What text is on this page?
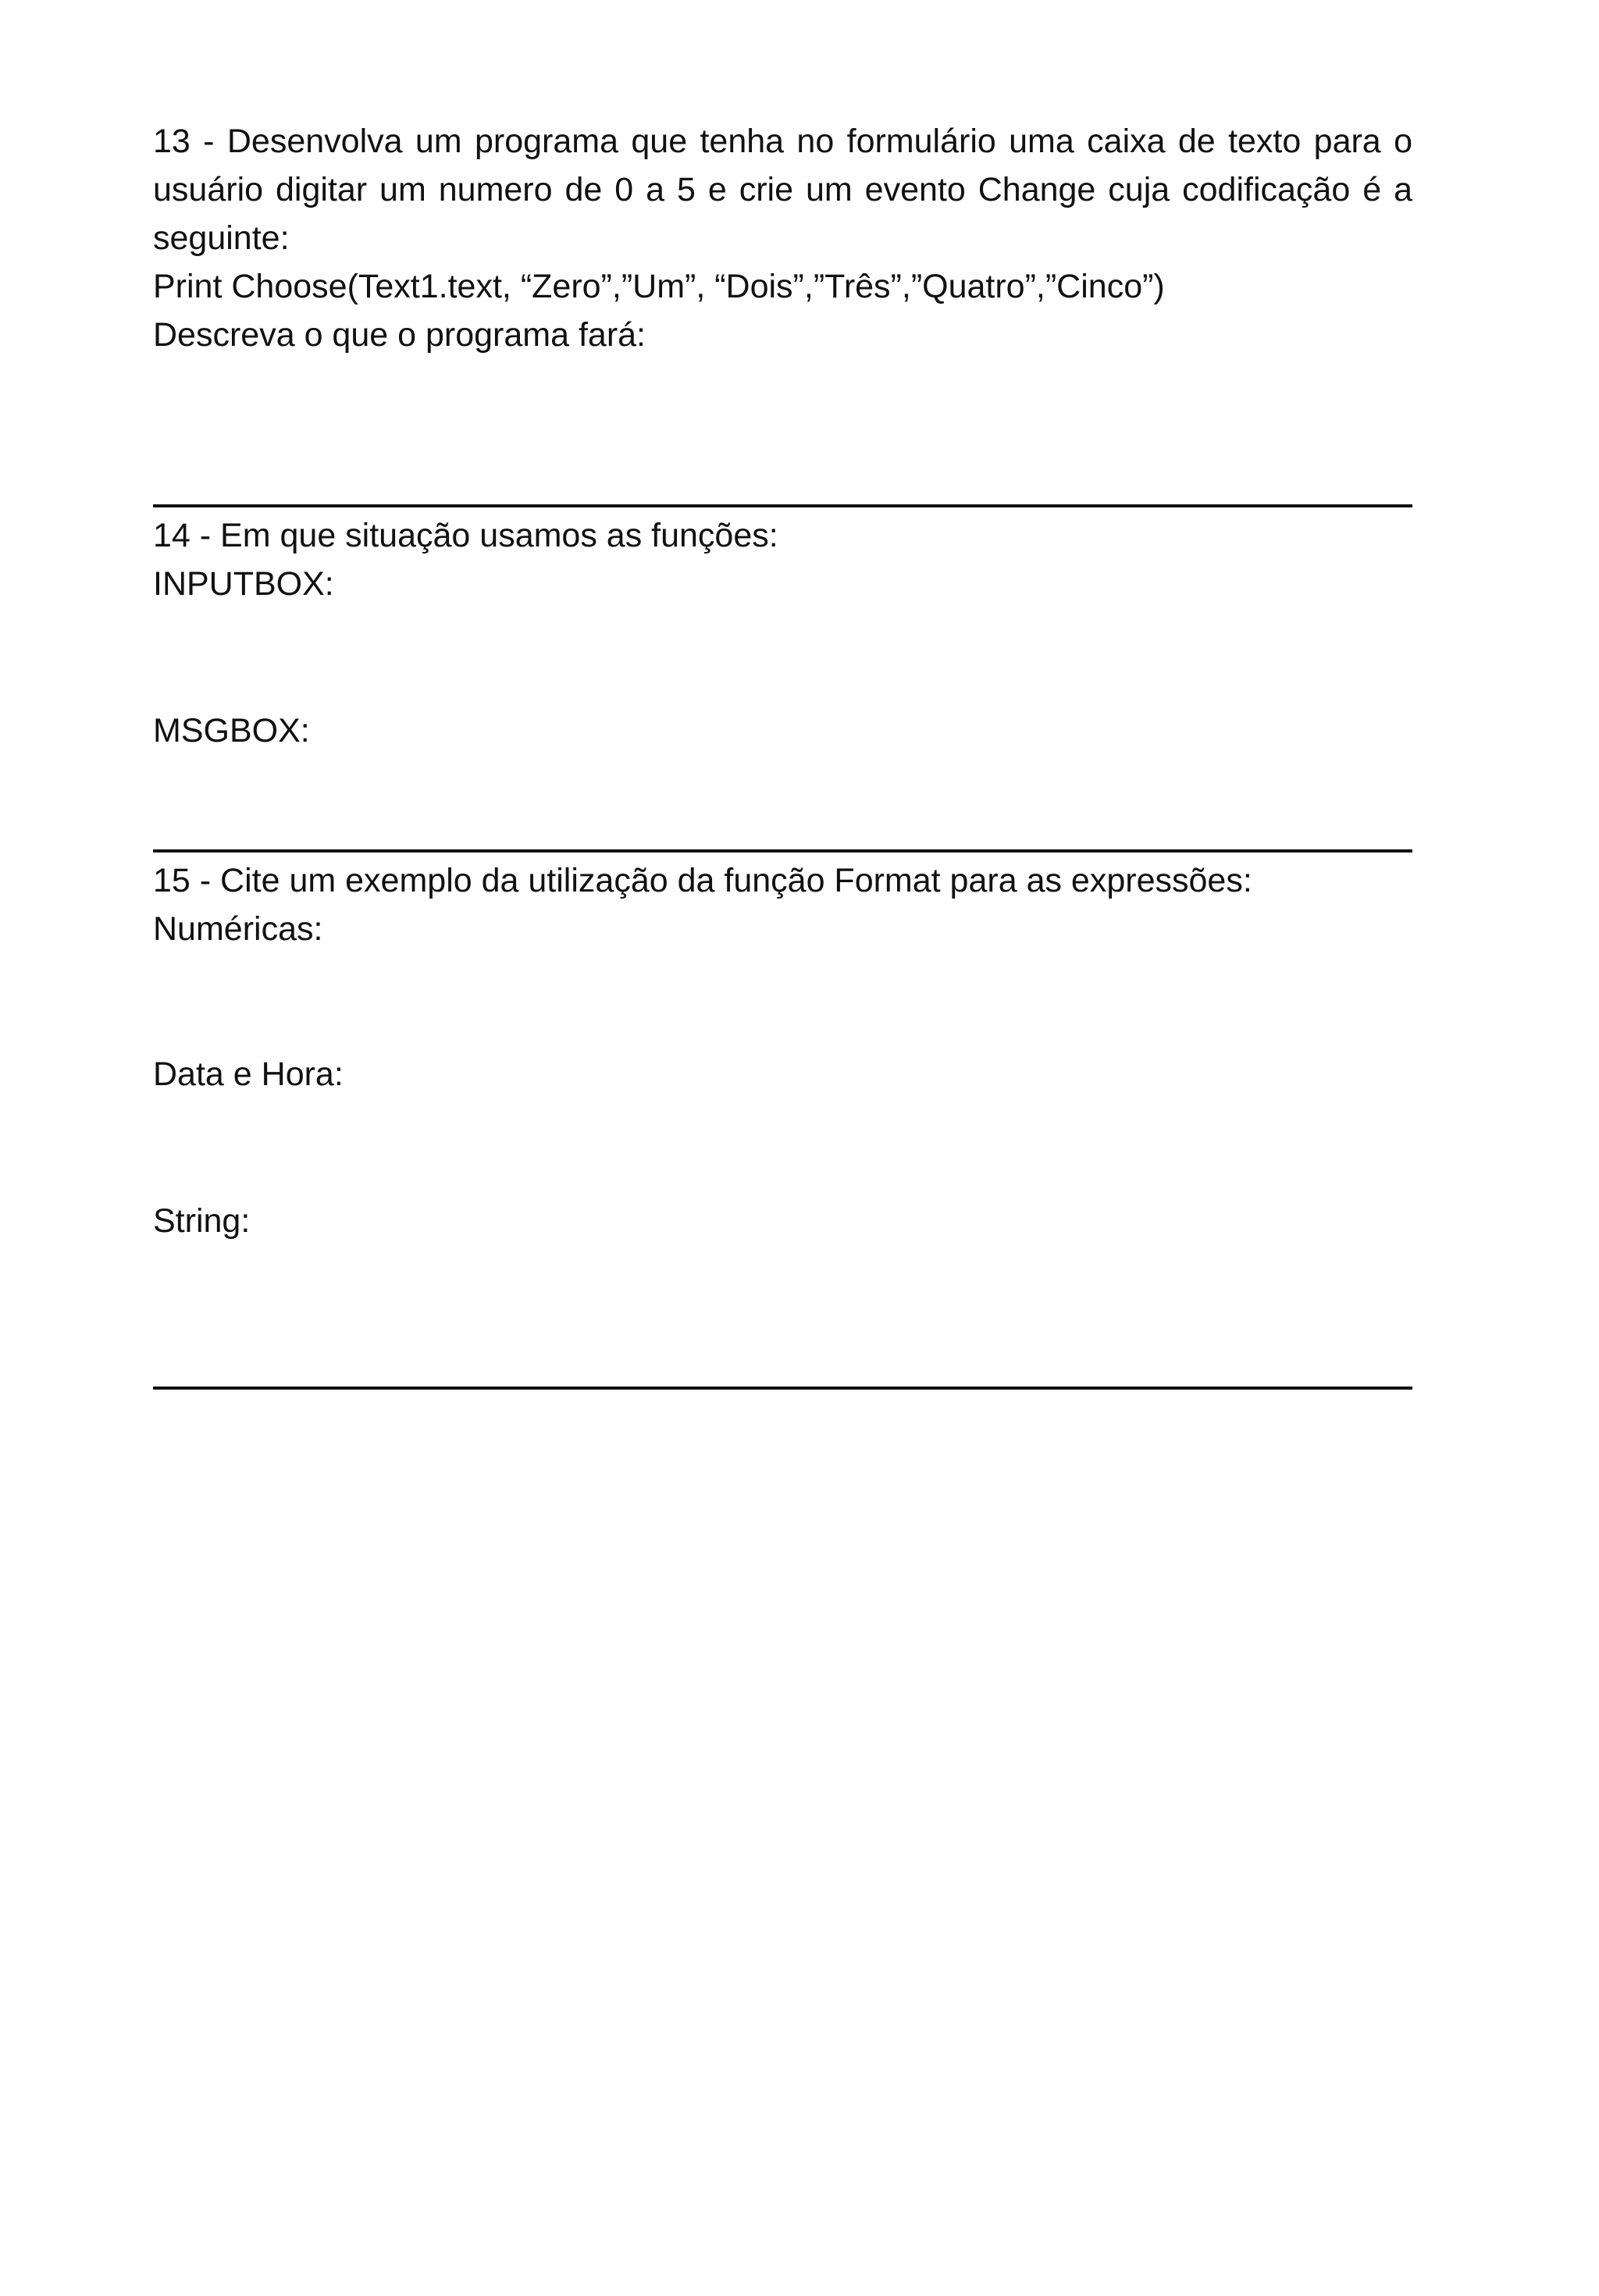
13 - Desenvolva um programa que tenha no formulário uma caixa de texto para o usuário digitar um numero de 0 a 5 e crie um evento Change cuja codificação é a seguinte:
Print Choose(Text1.text, “Zero”,”Um”, “Dois”,”Três”,”Quatro”,”Cinco”)
Descreva o que o programa fará:
14 - Em que situação usamos as funções:
INPUTBOX:
MSGBOX:
15 - Cite um exemplo da utilização da função Format para as expressões:
Numéricas:
Data e Hora:
String:
